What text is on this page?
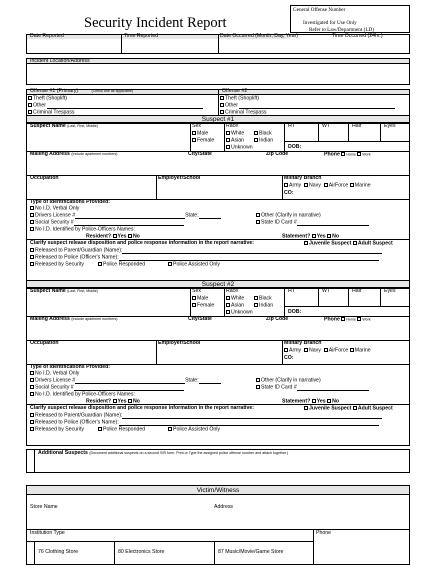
Security Incident Report
General Offense Number
Investigated for Use Only
Refer to Law/Department (LD)
Date Reported	Time Reported	Date Occurred (Month, Day, Year)	Time Occurred (24hr.)
Incident Location/Address
Offense #1 (Primary)	(Check one as applicable)
Theft (Shoplift)
Other
Criminal Trespass
Offense #2
Theft (Shoplift)
Other
Criminal Trespass
Suspect #1
Suspect Name (Last, First, Middle)	Sex
Male
Female
Race
White	Black
Asian	Indian
Unknown
HT	WT	Hair	Eyes
DOB:
Mailing Address (Include apartment numbers)	City/State	Zip Code	Phone Home Work
Occupation	Employer/School	Military Branch
Army Navy AirForce Marine
CO:
Type of Identifications Provided:
No I.D. Verbal Only
Drivers License #	State:
Social Security #
No I.D. Identified by Police-Officers Names:
Other (Clarify in narrative)
State ID Card #
Resident? Yes No	Statement? Yes No
Clarify suspect release disposition and police response information in the report narrative:	Juvenile Suspect Adult Suspect
Released to Parent/Guardian (Name):
Released to Police (Officer's Name):
Released by Security	Police Responded	Police Assisted Only
Suspect #2
Suspect Name (Last, First, Middle)	Sex
Male
Female
Race
White	Black
Asian	Indian
Unknown
HT	WT	Hair	Eyes
DOB:
Mailing Address (Include apartment numbers)	City/State	Zip Code	Phone Home Work
Occupation	Employer/School	Military Branch
Army Navy AirForce Marine
CO:
Type of Identifications Provided:
No I.D. Verbal Only
Drivers License #	State:
Social Security #
No I.D. Identified by Police-Officers Names:
Other (Clarify in narrative)
State ID Card #
Resident? Yes No	Statement? Yes No
Clarify suspect release disposition and police response information in the report narrative:	Juvenile Suspect Adult Suspect
Released to Parent/Guardian (Name):
Released to Police (Officer's Name):
Released by Security	Police Responded	Police Assisted Only
Additional Suspects (Document additional suspects on a second SIR form. Print or Type the assigned police offense number and attach together.)
Victim/Witness
Store Name	Address
Institution Type	Phone
76 Clothing Store	80 Electronics Store	87 Music/Movie/Game Store
